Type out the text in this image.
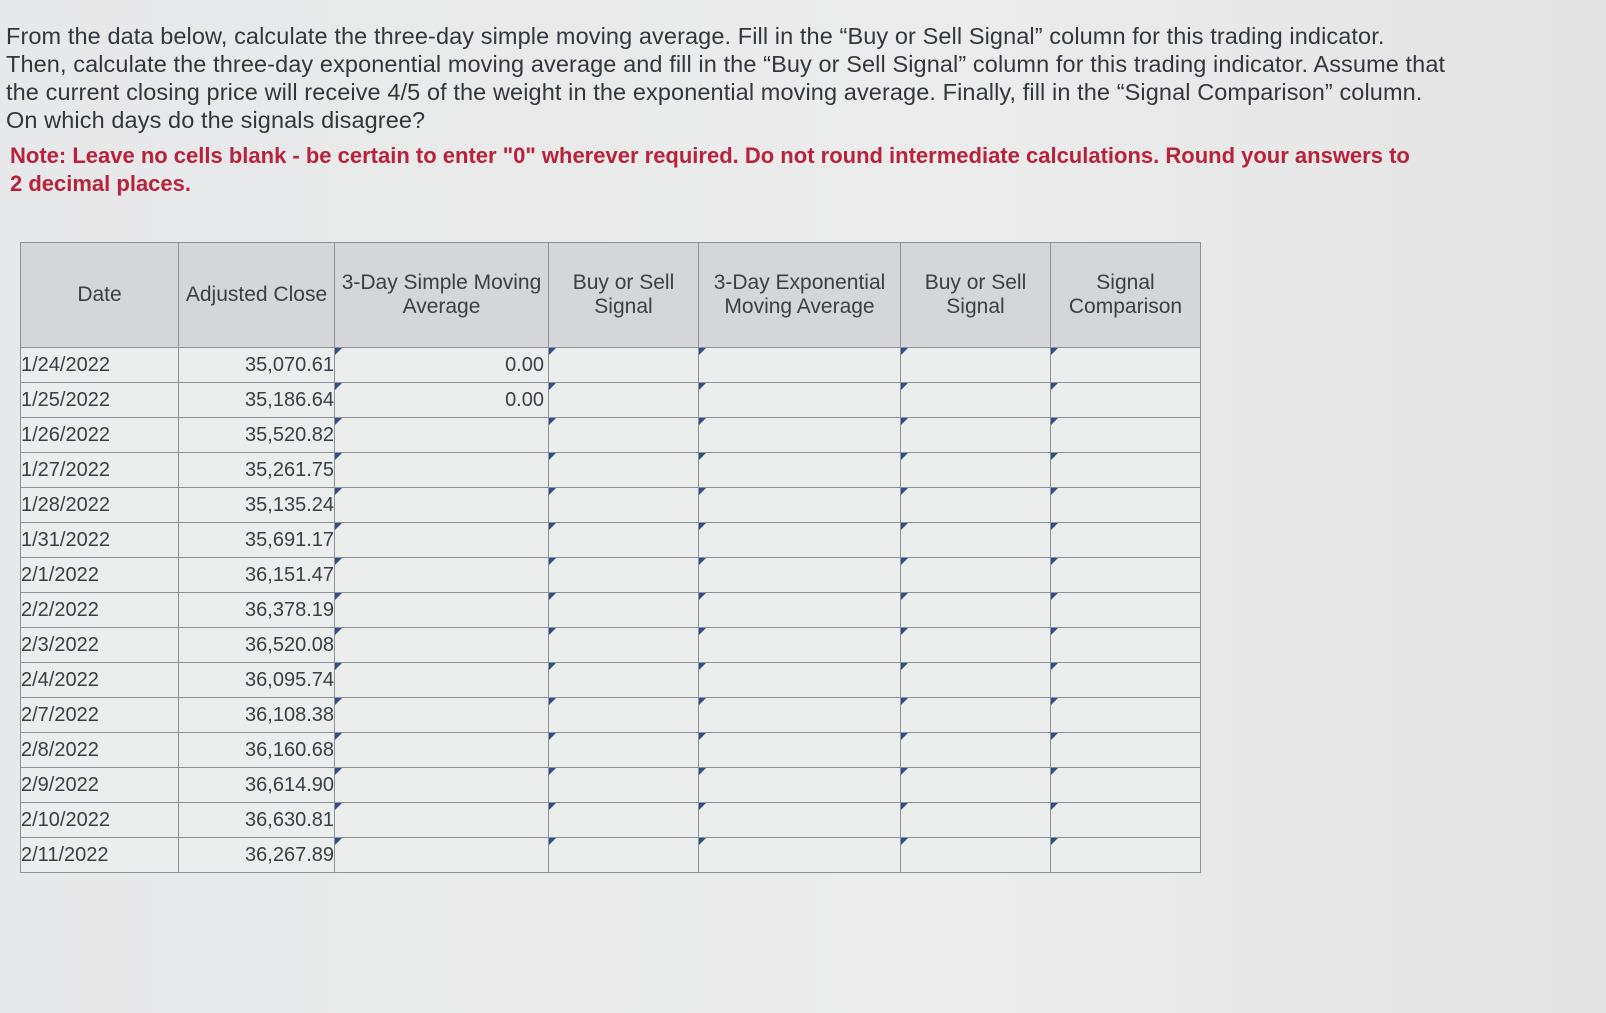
From the data below, calculate the three-day simple moving average. Fill in the “Buy or Sell Signal” column for this trading indicator. Then, calculate the three-day exponential moving average and fill in the “Buy or Sell Signal” column for this trading indicator. Assume that the current closing price will receive 4/5 of the weight in the exponential moving average. Finally, fill in the “Signal Comparison” column. On which days do the signals disagree?

Note: Leave no cells blank - be certain to enter "0" wherever required. Do not round intermediate calculations. Round your answers to 2 decimal places.
Date	Adjusted Close	3-Day Simple Moving Average	Buy or Sell Signal	3-Day Exponential Moving Average	Buy or Sell Signal	Signal Comparison
1/24/2022	35,070.61	0.00				

1/25/2022	35,186.64	0.00				

1/26/2022	35,520.82	

1/27/2022	35,261.75	

1/28/2022	35,135.24	

1/31/2022	35,691.17	

2/1/2022	36,151.47	

2/2/2022	36,378.19	

2/3/2022	36,520.08	

2/4/2022	36,095.74	

2/7/2022	36,108.38	

2/8/2022	36,160.68	

2/9/2022	36,614.90	

2/10/2022	36,630.81	

2/11/2022	36,267.89	
